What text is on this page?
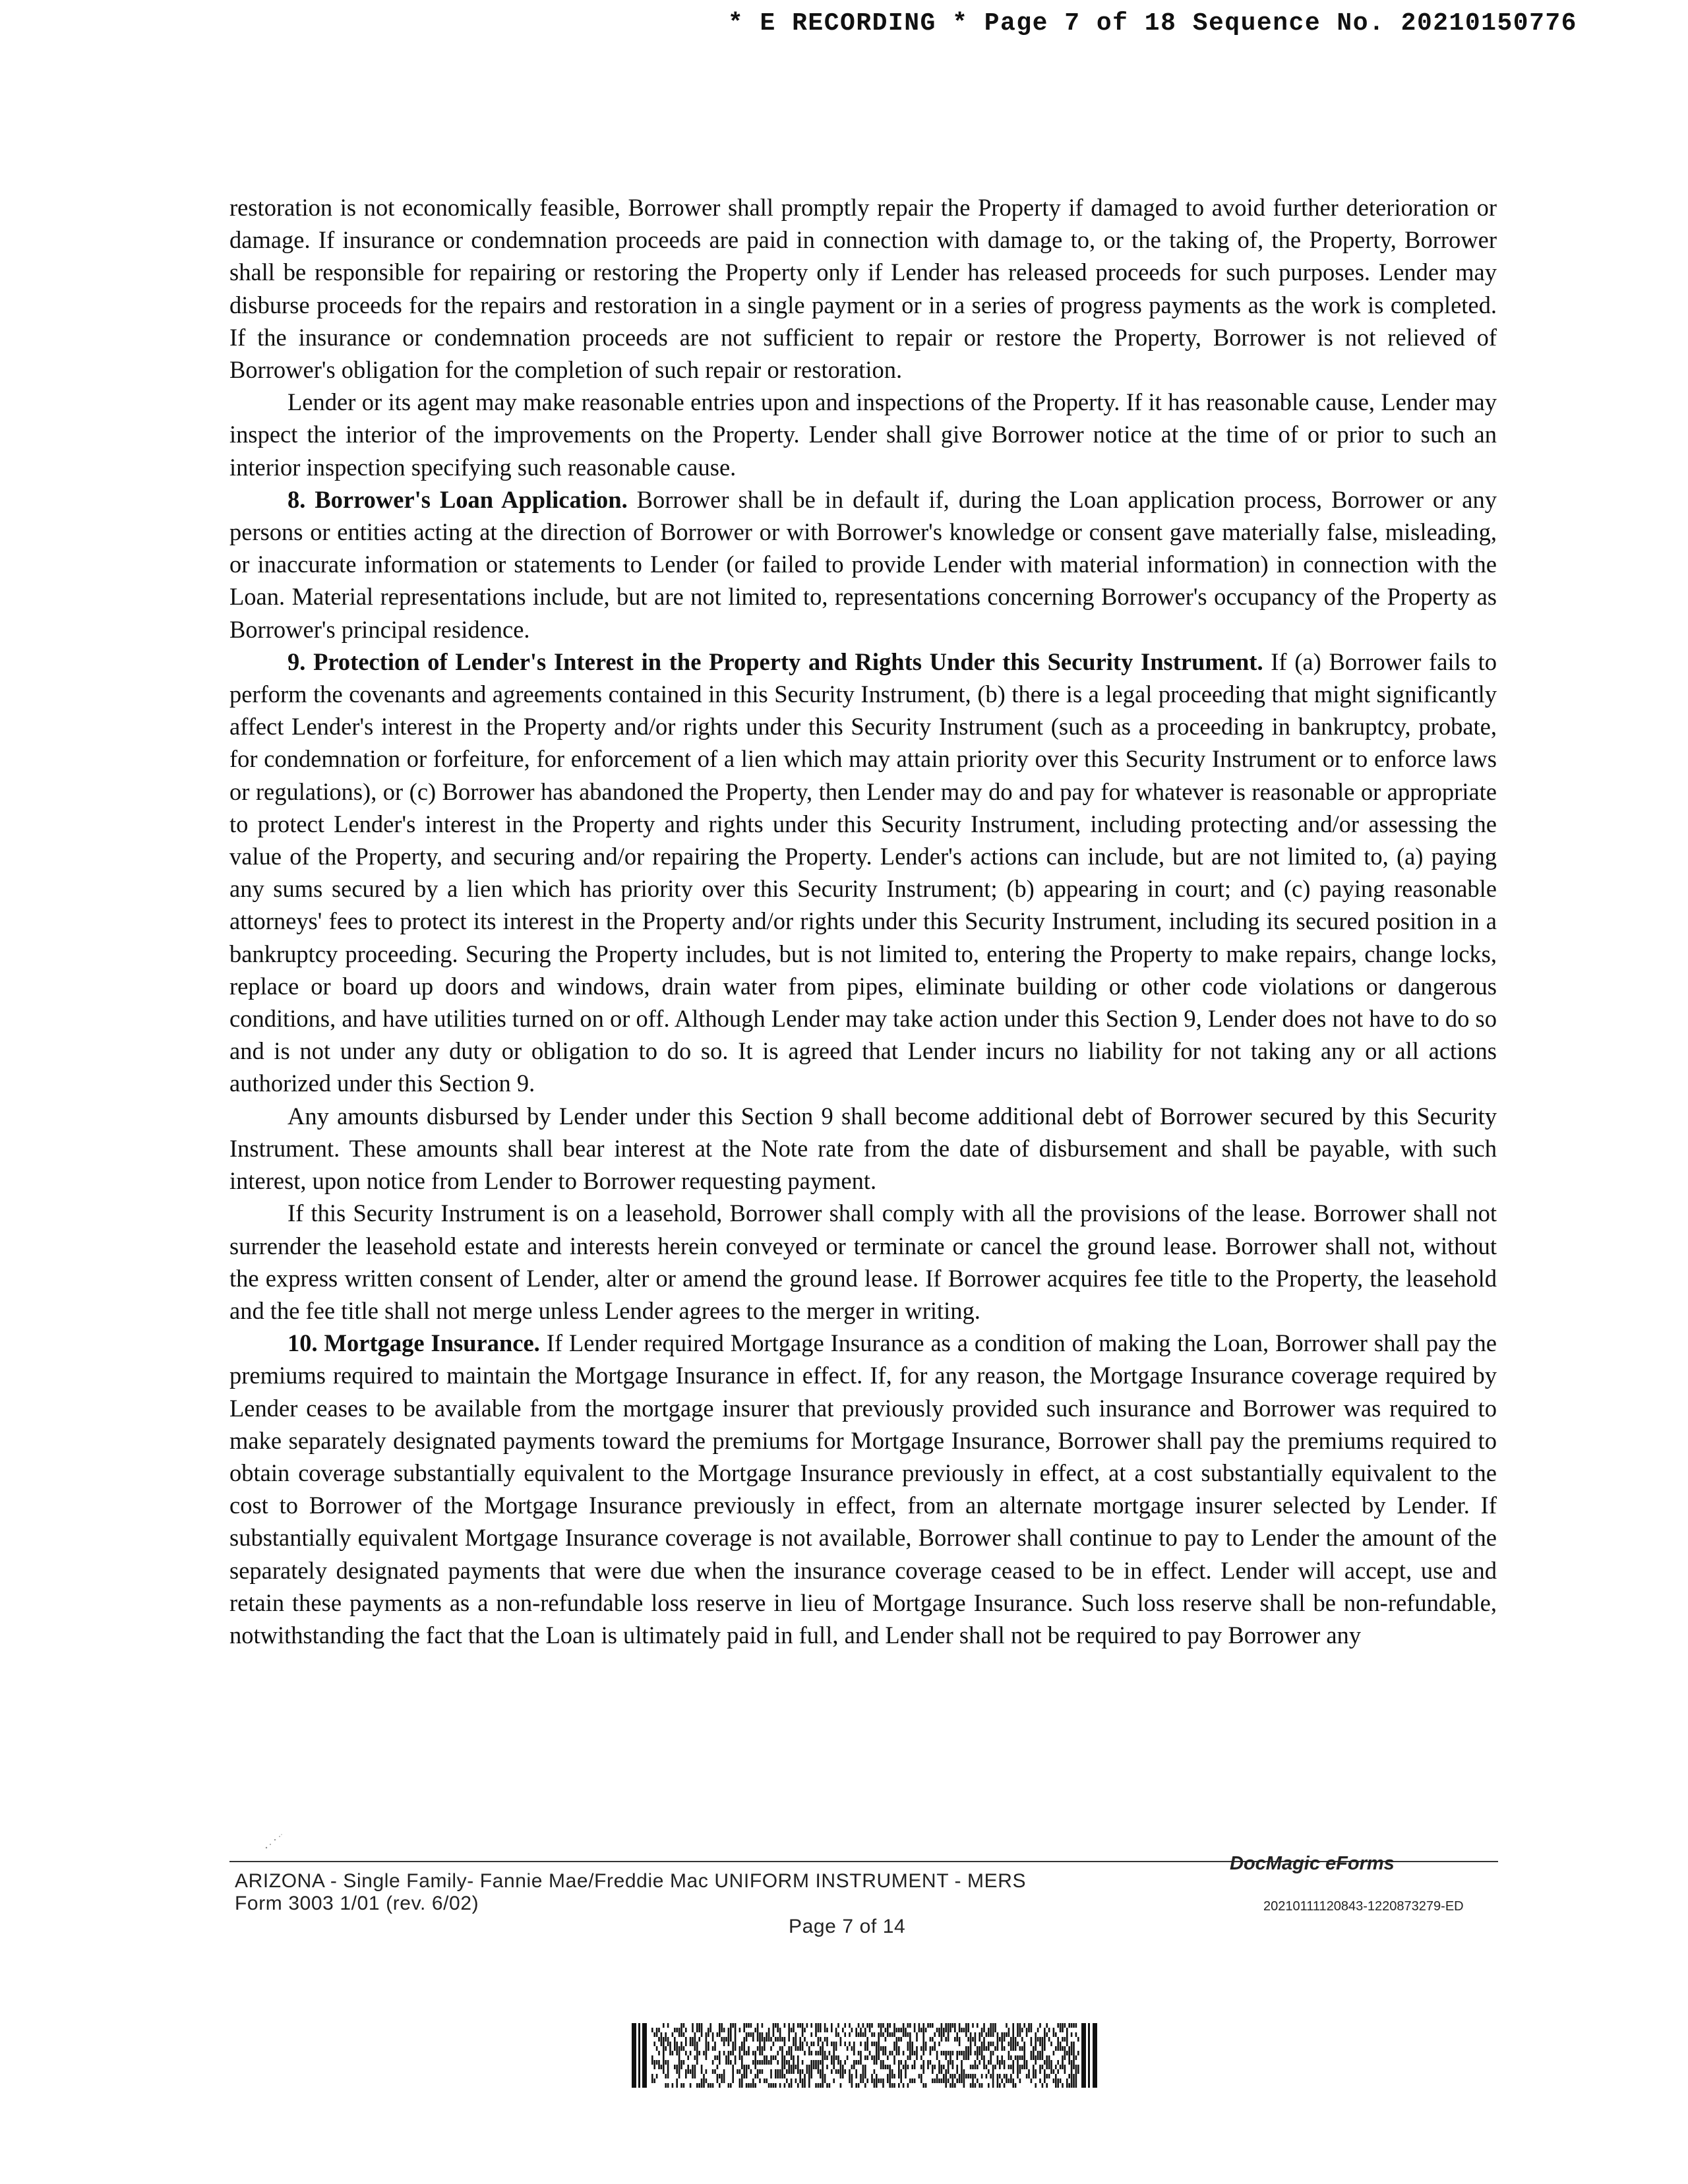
* E RECORDING * Page 7 of 18 Sequence No. 20210150776

restoration is not economically feasible, Borrower shall promptly repair the Property if damaged to avoid further deterioration or damage. If insurance or condemnation proceeds are paid in connection with damage to, or the taking of, the Property, Borrower shall be responsible for repairing or restoring the Property only if Lender has released proceeds for such purposes. Lender may disburse proceeds for the repairs and restoration in a single payment or in a series of progress payments as the work is completed. If the insurance or condemnation proceeds are not sufficient to repair or restore the Property, Borrower is not relieved of Borrower's obligation for the completion of such repair or restoration.

Lender or its agent may make reasonable entries upon and inspections of the Property. If it has reasonable cause, Lender may inspect the interior of the improvements on the Property. Lender shall give Borrower notice at the time of or prior to such an interior inspection specifying such reasonable cause.

8. Borrower's Loan Application. Borrower shall be in default if, during the Loan application process, Borrower or any persons or entities acting at the direction of Borrower or with Borrower's knowledge or consent gave materially false, misleading, or inaccurate information or statements to Lender (or failed to provide Lender with material information) in connection with the Loan. Material representations include, but are not limited to, representations concerning Borrower's occupancy of the Property as Borrower's principal residence.

9. Protection of Lender's Interest in the Property and Rights Under this Security Instrument. If (a) Borrower fails to perform the covenants and agreements contained in this Security Instrument, (b) there is a legal proceeding that might significantly affect Lender's interest in the Property and/or rights under this Security Instrument (such as a proceeding in bankruptcy, probate, for condemnation or forfeiture, for enforcement of a lien which may attain priority over this Security Instrument or to enforce laws or regulations), or (c) Borrower has abandoned the Property, then Lender may do and pay for whatever is reasonable or appropriate to protect Lender's interest in the Property and rights under this Security Instrument, including protecting and/or assessing the value of the Property, and securing and/or repairing the Property. Lender's actions can include, but are not limited to, (a) paying any sums secured by a lien which has priority over this Security Instrument; (b) appearing in court; and (c) paying reasonable attorneys' fees to protect its interest in the Property and/or rights under this Security Instrument, including its secured position in a bankruptcy proceeding. Securing the Property includes, but is not limited to, entering the Property to make repairs, change locks, replace or board up doors and windows, drain water from pipes, eliminate building or other code violations or dangerous conditions, and have utilities turned on or off. Although Lender may take action under this Section 9, Lender does not have to do so and is not under any duty or obligation to do so. It is agreed that Lender incurs no liability for not taking any or all actions authorized under this Section 9.

Any amounts disbursed by Lender under this Section 9 shall become additional debt of Borrower secured by this Security Instrument. These amounts shall bear interest at the Note rate from the date of disbursement and shall be payable, with such interest, upon notice from Lender to Borrower requesting payment.

If this Security Instrument is on a leasehold, Borrower shall comply with all the provisions of the lease. Borrower shall not surrender the leasehold estate and interests herein conveyed or terminate or cancel the ground lease. Borrower shall not, without the express written consent of Lender, alter or amend the ground lease. If Borrower acquires fee title to the Property, the leasehold and the fee title shall not merge unless Lender agrees to the merger in writing.

10. Mortgage Insurance. If Lender required Mortgage Insurance as a condition of making the Loan, Borrower shall pay the premiums required to maintain the Mortgage Insurance in effect. If, for any reason, the Mortgage Insurance coverage required by Lender ceases to be available from the mortgage insurer that previously provided such insurance and Borrower was required to make separately designated payments toward the premiums for Mortgage Insurance, Borrower shall pay the premiums required to obtain coverage substantially equivalent to the Mortgage Insurance previously in effect, at a cost substantially equivalent to the cost to Borrower of the Mortgage Insurance previously in effect, from an alternate mortgage insurer selected by Lender. If substantially equivalent Mortgage Insurance coverage is not available, Borrower shall continue to pay to Lender the amount of the separately designated payments that were due when the insurance coverage ceased to be in effect. Lender will accept, use and retain these payments as a non-refundable loss reserve in lieu of Mortgage Insurance. Such loss reserve shall be non-refundable, notwithstanding the fact that the Loan is ultimately paid in full, and Lender shall not be required to pay Borrower any

ARIZONA - Single Family- Fannie Mae/Freddie Mac UNIFORM INSTRUMENT - MERS
Form 3003 1/01 (rev. 6/02)
DocMagic eForms
20210111120843-1220873279-ED
Page 7 of 14
